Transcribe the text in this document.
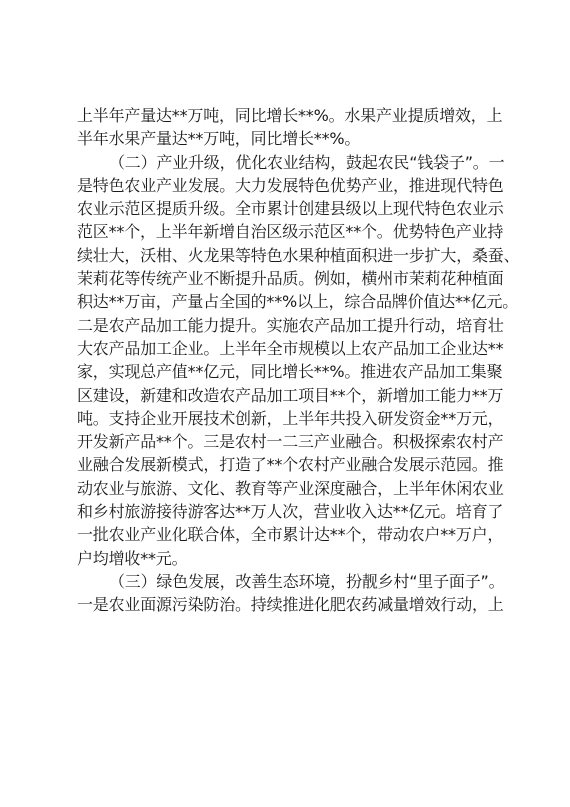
上半年产量达**万吨，同比增长**%。水果产业提质增效，上
半年水果产量达**万吨，同比增长**%。
（二）产业升级，优化农业结构，鼓起农民“钱袋子”。一
是特色农业产业发展。大力发展特色优势产业，推进现代特色
农业示范区提质升级。全市累计创建县级以上现代特色农业示
范区**个，上半年新增自治区级示范区**个。优势特色产业持
续壮大，沃柑、火龙果等特色水果种植面积进一步扩大，桑蚕、
茉莉花等传统产业不断提升品质。例如，横州市茉莉花种植面
积达**万亩，产量占全国的**%以上，综合品牌价值达**亿元。
二是农产品加工能力提升。实施农产品加工提升行动，培育壮
大农产品加工企业。上半年全市规模以上农产品加工企业达**
家，实现总产值**亿元，同比增长**%。推进农产品加工集聚
区建设，新建和改造农产品加工项目**个，新增加工能力**万
吨。支持企业开展技术创新，上半年共投入研发资金**万元，
开发新产品**个。三是农村一二三产业融合。积极探索农村产
业融合发展新模式，打造了**个农村产业融合发展示范园。推
动农业与旅游、文化、教育等产业深度融合，上半年休闲农业
和乡村旅游接待游客达**万人次，营业收入达**亿元。培育了
一批农业产业化联合体，全市累计达**个，带动农户**万户，
户均增收**元。
（三）绿色发展，改善生态环境，扮靓乡村“里子面子”。
一是农业面源污染防治。持续推进化肥农药减量增效行动，上
